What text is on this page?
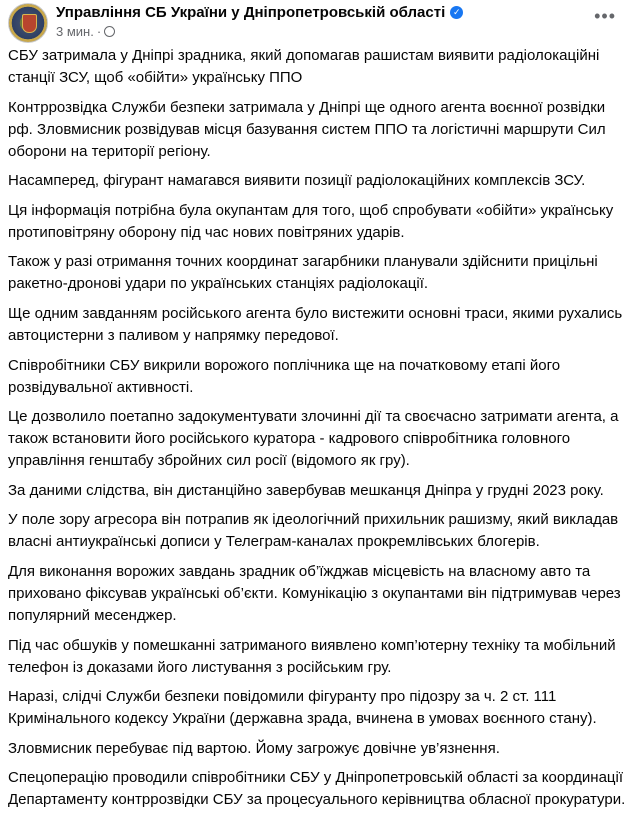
Управління СБ України у Дніпропетровській області ✓
3 мин. ·
•••
СБУ затримала у Дніпрі зрадника, який допомагав рашистам виявити радіолокаційні
станції ЗСУ, щоб «обійти» українську ППО
Контррозвідка Служби безпеки затримала у Дніпрі ще одного агента воєнної розвідки
рф. Зловмисник розвідував місця базування систем ППО та логістичні маршрути Сил
оборони на території регіону.
Насамперед, фігурант намагався виявити позиції радіолокаційних комплексів ЗСУ.
Ця інформація потрібна була окупантам для того, щоб спробувати «обійти» українську
протиповітряну оборону під час нових повітряних ударів.
Також у разі отримання точних координат загарбники планували здійснити прицільні
ракетно-дронові удари по українських станціях радіолокації.
Ще одним завданням російського агента було вистежити основні траси, якими рухались
автоцистерни з паливом у напрямку передової.
Співробітники СБУ викрили ворожого поплічника ще на початковому етапі його
розвідувальної активності.
Це дозволило поетапно задокументувати злочинні дії та своєчасно затримати агента, а
також встановити його російського куратора - кадрового співробітника головного
управління генштабу збройних сил росії (відомого як гру).
За даними слідства, він дистанційно завербував мешканця Дніпра у грудні 2023 року.
У поле зору агресора він потрапив як ідеологічний прихильник рашизму, який викладав
власні антиукраїнські дописи у Телеграм-каналах прокремлівських блогерів.
Для виконання ворожих завдань зрадник об’їжджав місцевість на власному авто та
приховано фіксував українські об’єкти. Комунікацію з окупантами він підтримував через
популярний месенджер.
Під час обшуків у помешканні затриманого виявлено комп’ютерну техніку та мобільний
телефон із доказами його листування з російським гру.
Наразі, слідчі Служби безпеки повідомили фігуранту про підозру за ч. 2 ст. 111
Кримінального кодексу України (державна зрада, вчинена в умовах воєнного стану).
Зловмисник перебуває під вартою. Йому загрожує довічне ув’язнення.
Спецоперацію проводили співробітники СБУ у Дніпропетровській області за координації
Департаменту контррозвідки СБУ за процесуального керівництва обласної прокуратури.
